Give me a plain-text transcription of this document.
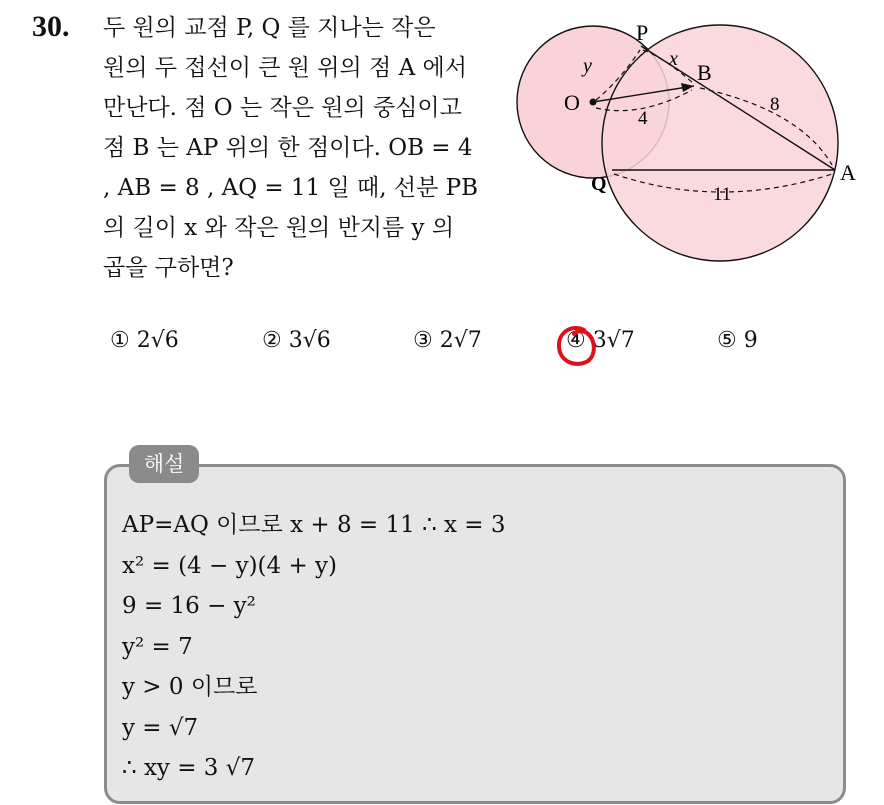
30. 두 원의 교점 P, Q 를 지나는 작은
원의 두 접선이 큰 원 위의 점 A 에서
만난다. 점 O 는 작은 원의 중심이고
점 B 는 AP 위의 한 점이다. OB = 4
, AB = 8 , AQ = 11 일 때, 선분 PB
의 길이 x 와 작은 원의 반지름 y 의
곱을 구하면?
P
Q
O
B
A
x
y
4
8
11
① 2√6	② 3√6	③ 2√7	④ 3√7	⑤ 9
해설
AP=AQ 이므로 x + 8 = 11 ∴ x = 3
x² = (4 − y)(4 + y)
9 = 16 − y²
y² = 7
y > 0 이므로
y = √7
∴ xy = 3 √7
